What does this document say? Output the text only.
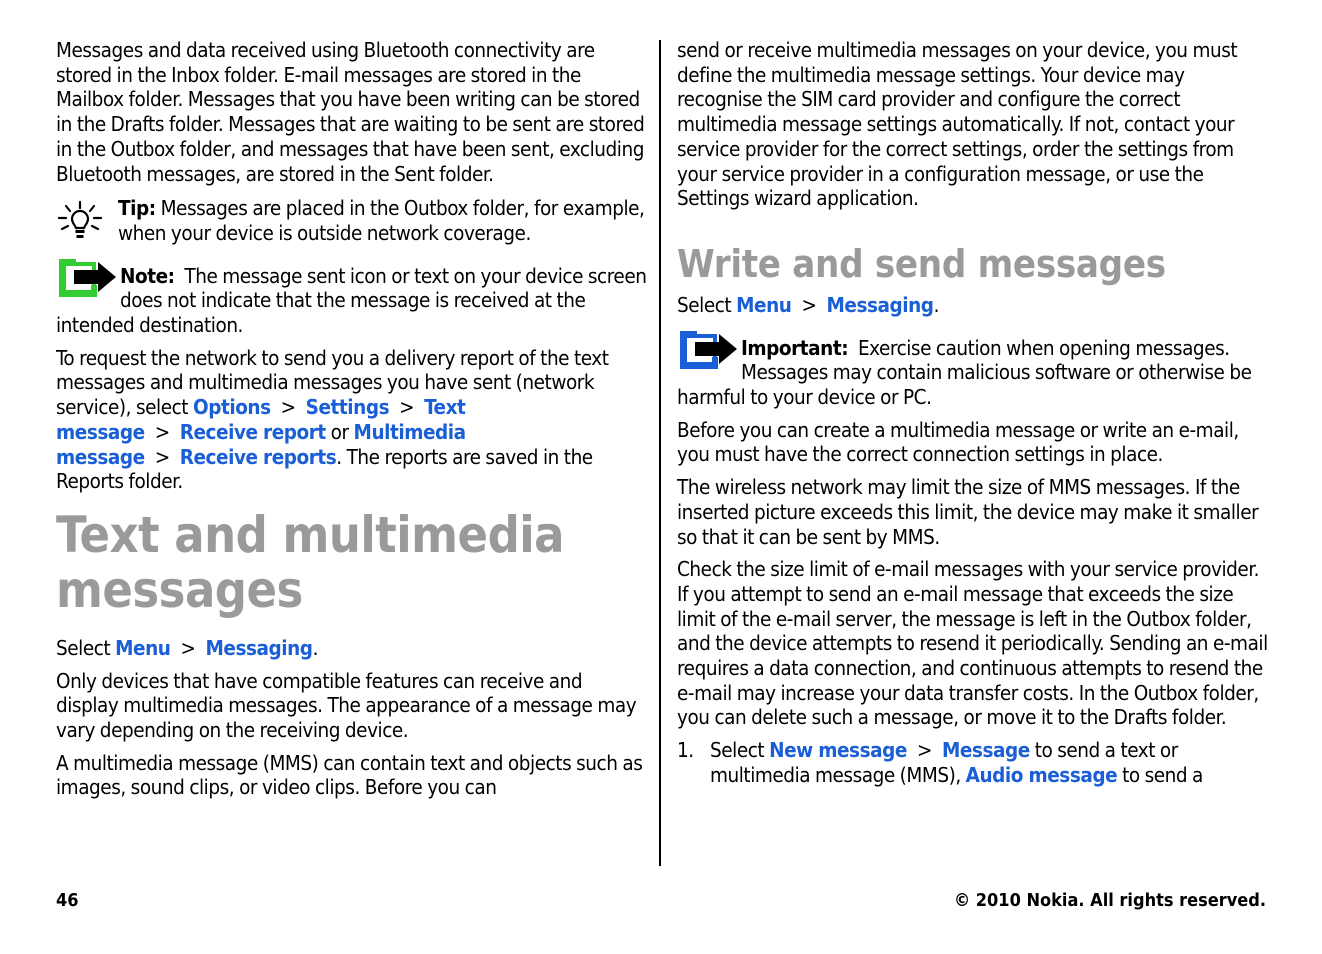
Messages and data received using Bluetooth connectivity are stored in the Inbox folder. E-mail messages are stored in the Mailbox folder. Messages that you have been writing can be stored in the Drafts folder. Messages that are waiting to be sent are stored in the Outbox folder, and messages that have been sent, excluding Bluetooth messages, are stored in the Sent folder.

Tip: Messages are placed in the Outbox folder, for example, when your device is outside network coverage.

Note: The message sent icon or text on your device screen does not indicate that the message is received at the intended destination.

To request the network to send you a delivery report of the text messages and multimedia messages you have sent (network service), select Options > Settings > Text message > Receive report or Multimedia message > Receive reports. The reports are saved in the Reports folder.

Text and multimedia messages

Select Menu > Messaging.

Only devices that have compatible features can receive and display multimedia messages. The appearance of a message may vary depending on the receiving device.

A multimedia message (MMS) can contain text and objects such as images, sound clips, or video clips. Before you can

send or receive multimedia messages on your device, you must define the multimedia message settings. Your device may recognise the SIM card provider and configure the correct multimedia message settings automatically. If not, contact your service provider for the correct settings, order the settings from your service provider in a configuration message, or use the Settings wizard application.

Write and send messages

Select Menu > Messaging.

Important: Exercise caution when opening messages. Messages may contain malicious software or otherwise be harmful to your device or PC.

Before you can create a multimedia message or write an e-mail, you must have the correct connection settings in place.

The wireless network may limit the size of MMS messages. If the inserted picture exceeds this limit, the device may make it smaller so that it can be sent by MMS.

Check the size limit of e-mail messages with your service provider. If you attempt to send an e-mail message that exceeds the size limit of the e-mail server, the message is left in the Outbox folder, and the device attempts to resend it periodically. Sending an e-mail requires a data connection, and continuous attempts to resend the e-mail may increase your data transfer costs. In the Outbox folder, you can delete such a message, or move it to the Drafts folder.

1. Select New message > Message to send a text or multimedia message (MMS), Audio message to send a
46	© 2010 Nokia. All rights reserved.
